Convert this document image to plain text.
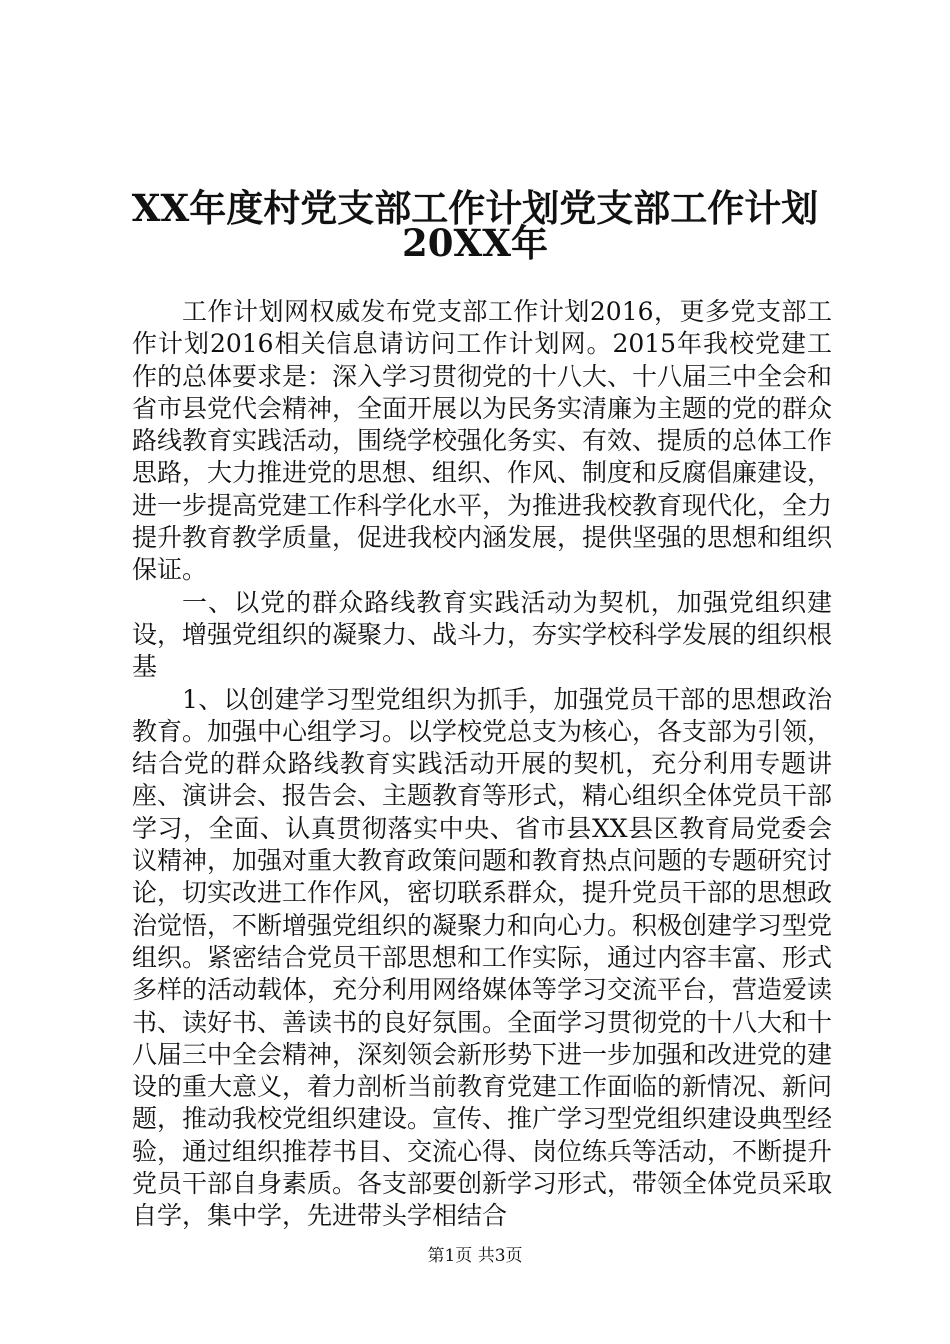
XX年度村党支部工作计划党支部工作计划
20XX年

工作计划网权威发布党支部工作计划2016，更多党支部工作计划2016相关信息请访问工作计划网。2015年我校党建工作的总体要求是：深入学习贯彻党的十八大、十八届三中全会和省市县党代会精神，全面开展以为民务实清廉为主题的党的群众路线教育实践活动，围绕学校强化务实、有效、提质的总体工作思路，大力推进党的思想、组织、作风、制度和反腐倡廉建设，进一步提高党建工作科学化水平，为推进我校教育现代化，全力提升教育教学质量，促进我校内涵发展，提供坚强的思想和组织保证。

一、以党的群众路线教育实践活动为契机，加强党组织建设，增强党组织的凝聚力、战斗力，夯实学校科学发展的组织根基

1、以创建学习型党组织为抓手，加强党员干部的思想政治教育。加强中心组学习。以学校党总支为核心，各支部为引领，结合党的群众路线教育实践活动开展的契机，充分利用专题讲座、演讲会、报告会、主题教育等形式，精心组织全体党员干部学习，全面、认真贯彻落实中央、省市县XX县区教育局党委会议精神，加强对重大教育政策问题和教育热点问题的专题研究讨论，切实改进工作作风，密切联系群众，提升党员干部的思想政治觉悟，不断增强党组织的凝聚力和向心力。积极创建学习型党组织。紧密结合党员干部思想和工作实际，通过内容丰富、形式多样的活动载体，充分利用网络媒体等学习交流平台，营造爱读书、读好书、善读书的良好氛围。全面学习贯彻党的十八大和十八届三中全会精神，深刻领会新形势下进一步加强和改进党的建设的重大意义，着力剖析当前教育党建工作面临的新情况、新问题，推动我校党组织建设。宣传、推广学习型党组织建设典型经验，通过组织推荐书目、交流心得、岗位练兵等活动，不断提升党员干部自身素质。各支部要创新学习形式，带领全体党员采取自学，集中学，先进带头学相结合

第1页 共3页
